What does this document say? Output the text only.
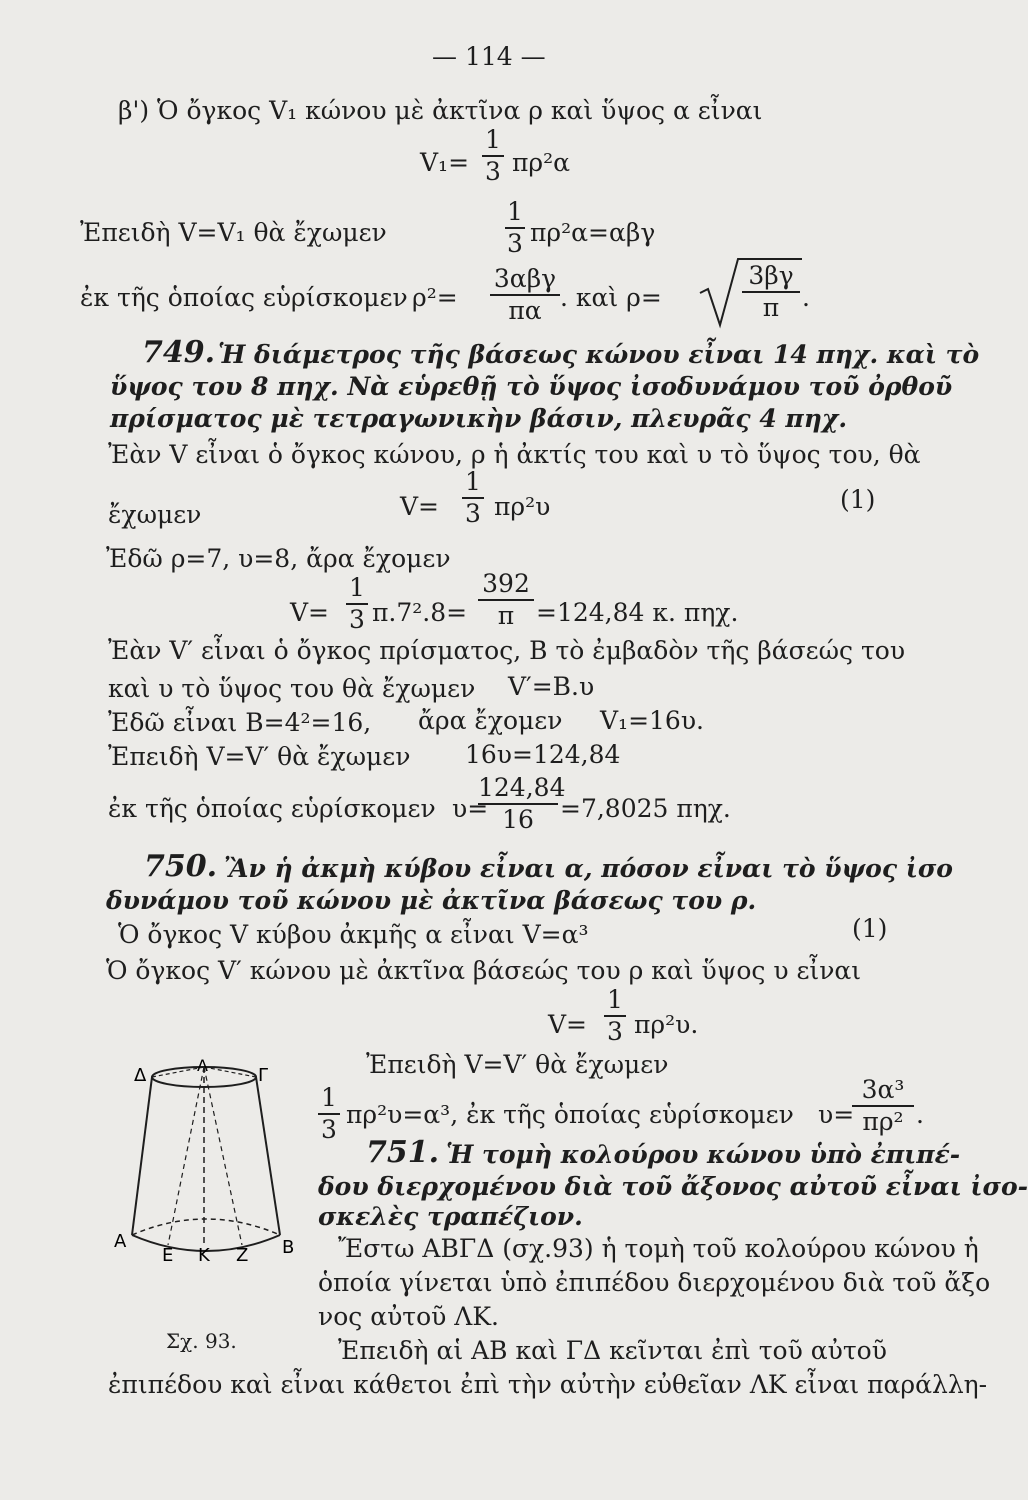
— 114 —
β') Ὁ ὄγκος V₁ κώνου μὲ ἀκτῖνα ρ καὶ ὕψος α εἶναι
V₁=
1
3 πρ²α
Ἐπειδὴ V=V₁ θὰ ἔχωμεν
1
3 πρ²α=αβγ
ἐκ τῆς ὁποίας εὑρίσκομεν ρ²=
3αβγ
πα . καὶ ρ=
3βγ
π .
749. Ἡ διάμετρος τῆς βάσεως κώνου εἶναι 14 πηχ. καὶ τὸ
ὕψος του 8 πηχ. Νὰ εὑρεθῇ τὸ ὕψος ἰσοδυνάμου τοῦ ὀρθοῦ
πρίσματος μὲ τετραγωνικὴν βάσιν, πλευρᾶς 4 πηχ.
Ἐὰν V εἶναι ὁ ὄγκος κώνου, ρ ἡ ἀκτίς του καὶ υ τὸ ὕψος του, θὰ
ἔχωμεν	V=
1
3 πρ²υ	(1)
Ἐδῶ ρ=7, υ=8, ἄρα ἔχομεν
V=
1
3 π.7².8=
392
π =124,84 κ. πηχ.
Ἐὰν V′ εἶναι ὁ ὄγκος πρίσματος, Β τὸ ἐμβαδὸν τῆς βάσεώς του
καὶ υ τὸ ὕψος του θὰ ἔχωμεν V′=Β.υ
Ἐδῶ εἶναι Β=4²=16, ἄρα ἔχομεν V₁=16υ.
Ἐπειδὴ V=V′ θὰ ἔχωμεν 16υ=124,84
ἐκ τῆς ὁποίας εὑρίσκομεν υ=
124,84
16	=7,8025 πηχ.
750. Ἂν ἡ ἀκμὴ κύβου εἶναι α, πόσον εἶναι τὸ ὕψος ἰσο
δυνάμου τοῦ κώνου μὲ ἀκτῖνα βάσεως του ρ.
Ὁ ὄγκος V κύβου ἀκμῆς α εἶναι V=α³	(1)
Ὁ ὄγκος V′ κώνου μὲ ἀκτῖνα βάσεώς του ρ καὶ ὕψος υ εἶναι
V=
1
3 πρ²υ.
Ἐπειδὴ V=V′ θὰ ἔχωμεν
1
3
πρ²υ=α³, ἐκ τῆς ὁποίας εὑρίσκομεν υ=
3α³
πρ² .
751. Ἡ τομὴ κολούρου κώνου ὑπὸ ἐπιπέ-
δου διερχομένου διὰ τοῦ ἄξονος αὐτοῦ εἶναι ἰσο-
σκελὲς τραπέζιον.
Ἔστω ΑΒΓΔ (σχ.93) ἡ τομὴ τοῦ κολούρου κώνου ἡ
ὁποία γίνεται ὑπὸ ἐπιπέδου διερχομένου διὰ τοῦ ἄξο
νος αὐτοῦ ΛΚ.
Ἐπειδὴ αἱ ΑΒ καὶ ΓΔ κεῖνται ἐπὶ τοῦ αὐτοῦ
ἐπιπέδου καὶ εἶναι κάθετοι ἐπὶ τὴν αὐτὴν εὐθεῖαν ΛΚ εἶναι παράλλη-
Δ	Λ	Γ
Α
Ε Κ Ζ Β
Σχ. 93.
